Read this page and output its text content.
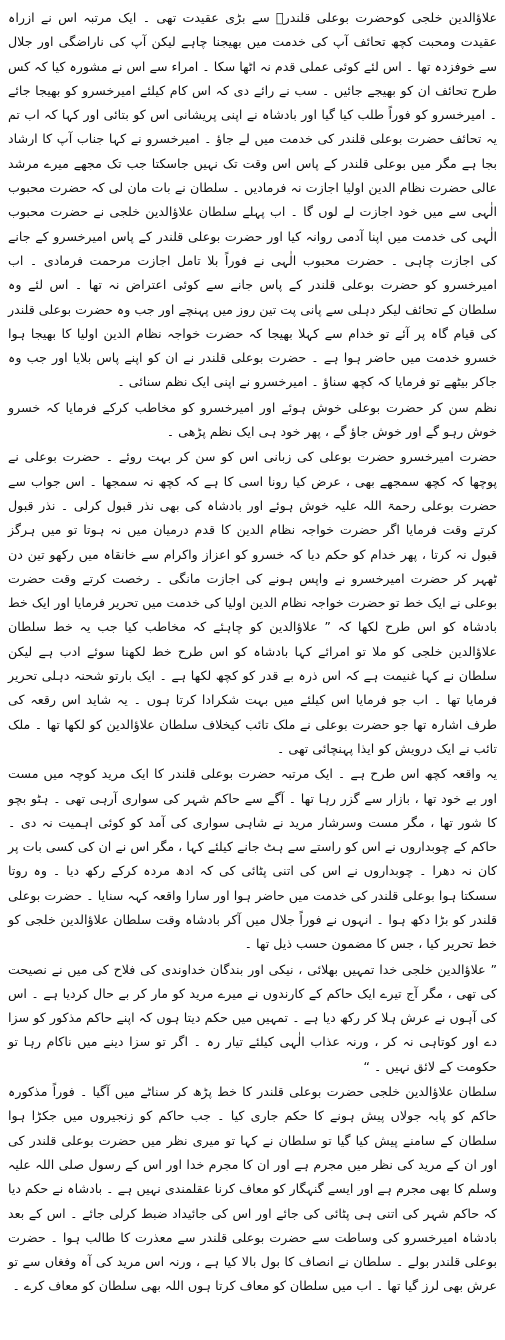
علاؤالدین خلجی کوحضرت بوعلی قلندرؒ سے بڑی عقیدت تھی ۔ ایک مرتبہ اس نے ازراہ عقیدت ومحبت کچھ تحائف آپ کی خدمت میں بھیجنا چاہے لیکن آپ کی ناراضگی اور جلال سے خوفزدہ تھا ۔ اس لئے کوئی عملی قدم نہ اٹھا سکا ۔ امراء سے اس نے مشورہ کیا کہ کس طرح تحائف ان کو بھیجے جائیں ۔ سب نے رائے دی کہ اس کام کیلئے امیرخسرو کو بھیجا جائے ۔ امیرخسرو کو فوراً طلب کیا گیا اور بادشاہ نے اپنی پریشانی اس کو بتائی اور کہا کہ اب تم یہ تحائف حضرت بوعلی قلندر کی خدمت میں لے جاؤ ۔ امیرخسرو نے کہا جناب آپ کا ارشاد بجا ہے مگر میں بوعلی قلندر کے پاس اس وقت تک نہیں جاسکتا جب تک مجھے میرے مرشد عالی حضرت نظام الدین اولیا اجازت نہ فرمادیں ۔ سلطان نے بات مان لی کہ حضرت محبوب الٰہی سے میں خود اجازت لے لوں گا ۔ اب پہلے سلطان علاؤالدین خلجی نے حضرت محبوب الٰہی کی خدمت میں اپنا آدمی روانہ کیا اور حضرت بوعلی قلندر کے پاس امیرخسرو کے جانے کی اجازت چاہی ۔ حضرت محبوب الٰہی نے فوراً بلا تامل اجازت مرحمت فرمادی ۔ اب امیرخسرو کو حضرت بوعلی قلندر کے پاس جانے سے کوئی اعتراض نہ تھا ۔ اس لئے وہ سلطان کے تحائف لیکر دہلی سے پانی پت تین روز میں پہنچے اور جب وہ حضرت بوعلی قلندر کی قیام گاہ پر آئے تو خدام سے کہلا بھیجا کہ حضرت خواجہ نظام الدین اولیا کا بھیجا ہوا خسرو خدمت میں حاضر ہوا ہے ۔ حضرت بوعلی قلندر نے ان کو اپنے پاس بلایا اور جب وہ جاکر بیٹھے تو فرمایا کہ کچھ سناؤ ۔ امیرخسرو نے اپنی ایک نظم سنائی ۔

نظم سن کر حضرت بوعلی خوش ہوئے اور امیرخسرو کو مخاطب کرکے فرمایا کہ خسرو خوش رہو گے اور خوش جاؤ گے ، پھر خود ہی ایک نظم پڑھی ۔

حضرت امیرخسرو حضرت بوعلی کی زبانی اس کو سن کر بہت روئے ۔ حضرت بوعلی نے پوچھا کہ کچھ سمجھے بھی ، عرض کیا رونا اسی کا ہے کہ کچھ نہ سمجھا ۔ اس جواب سے حضرت بوعلی رحمۃ اللہ علیہ خوش ہوئے اور بادشاہ کی بھی نذر قبول کرلی ۔ نذر قبول کرتے وقت فرمایا اگر حضرت خواجہ نظام الدین کا قدم درمیان میں نہ ہوتا تو میں ہرگز قبول نہ کرتا ، پھر خدام کو حکم دیا کہ خسرو کو اعزاز واکرام سے خانقاہ میں رکھو تین دن ٹھہر کر حضرت امیرخسرو نے واپس ہونے کی اجازت مانگی ۔ رخصت کرتے وقت حضرت بوعلی نے ایک خط تو حضرت خواجہ نظام الدین اولیا کی خدمت میں تحریر فرمایا اور ایک خط بادشاہ کو اس طرح لکھا کہ ” علاؤالدین کو چاہئے کہ مخاطب کیا جب یہ خط سلطان علاؤالدین خلجی کو ملا تو امرائے کہا بادشاہ کو اس طرح خط لکھنا سوئے ادب ہے لیکن سلطان نے کہا غنیمت ہے کہ اس ذرہ بے قدر کو کچھ لکھا ہے ۔ ایک بارتو شحنہ دہلی تحریر فرمایا تھا ۔ اب جو فرمایا اس کیلئے میں بہت شکرادا کرتا ہوں ۔ یہ شاید اس رقعہ کی طرف اشارہ تھا جو حضرت بوعلی نے ملک تائب کیخلاف سلطان علاؤالدین کو لکھا تھا ۔ ملک تائب نے ایک درویش کو ایذا پہنچائی تھی ۔

یہ واقعہ کچھ اس طرح ہے ۔ ایک مرتبہ حضرت بوعلی قلندر کا ایک مرید کوچہ میں مست اور بے خود تھا ، بازار سے گزر رہا تھا ۔ آگے سے حاکم شہر کی سواری آرہی تھی ۔ ہٹو بچو کا شور تھا ، مگر مست وسرشار مرید نے شاہی سواری کی آمد کو کوئی اہمیت نہ دی ۔ حاکم کے چوبداروں نے اس کو راستے سے ہٹ جانے کیلئے کہا ، مگر اس نے ان کی کسی بات پر کان نہ دھرا ۔ چوبداروں نے اس کی اتنی پٹائی کی کہ ادھ مردہ کرکے رکھ دیا ۔ وہ روتا سسکتا ہوا بوعلی قلندر کی خدمت میں حاضر ہوا اور سارا واقعہ کہہ سنایا ۔ حضرت بوعلی قلندر کو بڑا دکھ ہوا ۔ انہوں نے فوراً جلال میں آکر بادشاہ وقت سلطان علاؤالدین خلجی کو خط تحریر کیا ، جس کا مضمون حسب ذیل تھا ۔

” علاؤالدین خلجی خدا تمہیں بھلائی ، نیکی اور بندگان خداوندی کی فلاح کی میں نے نصیحت کی تھی ، مگر آج تیرے ایک حاکم کے کارندوں نے میرے مرید کو مار کر بے حال کردیا ہے ۔ اس کی آہوں نے عرش ہلا کر رکھ دیا ہے ۔ تمہیں میں حکم دیتا ہوں کہ اپنے حاکم مذکور کو سزا دے اور کوتاہی نہ کر ، ورنہ عذاب الٰہی کیلئے تیار رہ ۔ اگر تو سزا دینے میں ناکام رہا تو حکومت کے لائق نہیں ۔ “

سلطان علاؤالدین خلجی حضرت بوعلی قلندر کا خط پڑھ کر سناٹے میں آگیا ۔ فوراً مذکورہ حاکم کو پابہ جولاں پیش ہونے کا حکم جاری کیا ۔ جب حاکم کو زنجیروں میں جکڑا ہوا سلطان کے سامنے پیش کیا گیا تو سلطان نے کہا تو میری نظر میں حضرت بوعلی قلندر کی اور ان کے مرید کی نظر میں مجرم ہے اور ان کا مجرم خدا اور اس کے رسول صلی اللہ علیہ وسلم کا بھی مجرم ہے اور ایسے گنہگار کو معاف کرنا عقلمندی نہیں ہے ۔ بادشاہ نے حکم دیا کہ حاکم شہر کی اتنی ہی پٹائی کی جائے اور اس کی جائیداد ضبط کرلی جائے ۔ اس کے بعد بادشاہ امیرخسرو کی وساطت سے حضرت بوعلی قلندر سے معذرت کا طالب ہوا ۔ حضرت بوعلی قلندر بولے ۔ سلطان نے انصاف کا بول بالا کیا ہے ، ورنہ اس مرید کی آہ وفغاں سے تو عرش بھی لرز گیا تھا ۔ اب میں سلطان کو معاف کرتا ہوں اللہ بھی سلطان کو معاف کرے ۔
